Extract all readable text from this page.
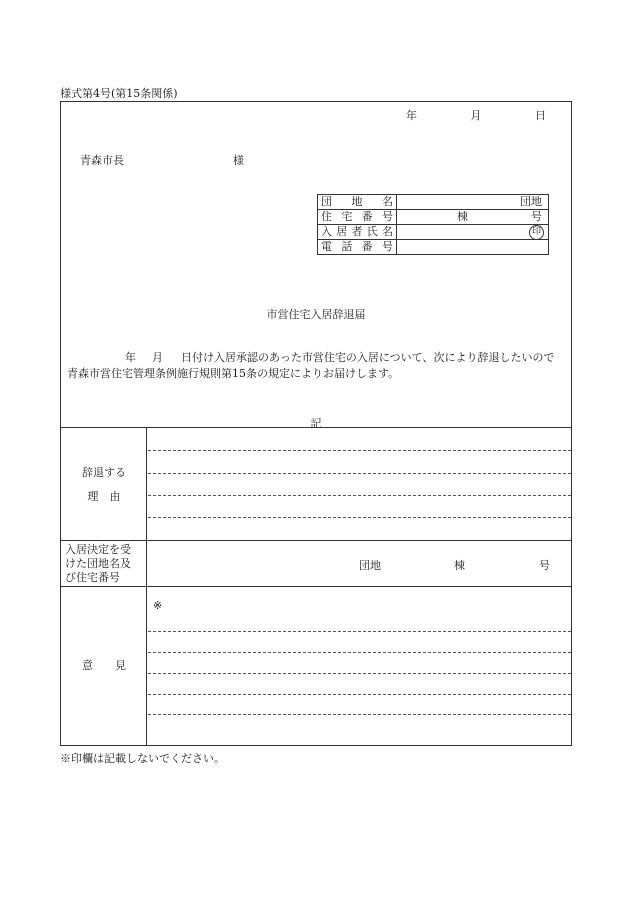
様式第4号(第15条関係)
年	月	日
青森市長	様
団 地 名	団地

住 宅 番 号	棟 号

入居者氏名	印

電 話 番 号	
市営住宅入居辞退届
年 月 日付け入居承認のあった市営住宅の入居について、次により辞退したいので青森市営住宅管理条例施行規則第15条の規定によりお届けします。
記
辞退する
理　由
入居決定を受
けた団地名及
び住宅番号
団地	棟	号
意　　見
※
※印欄は記載しないでください。
